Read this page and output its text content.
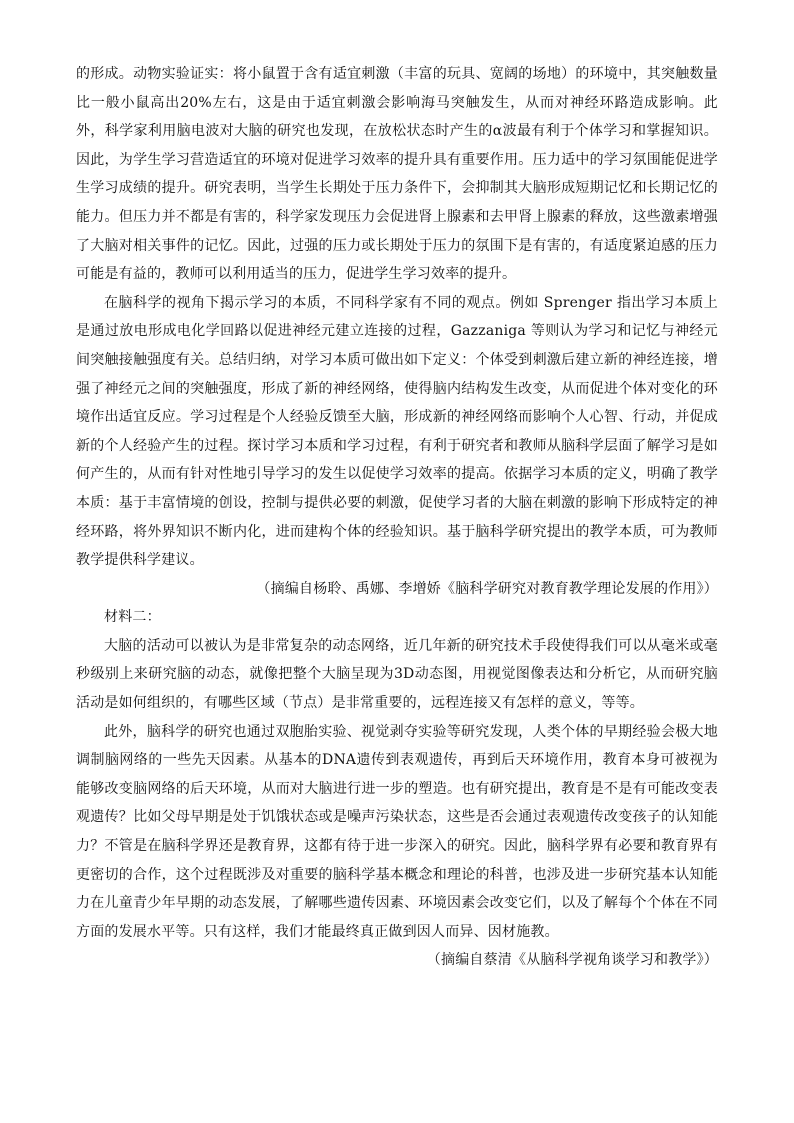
的形成。动物实验证实：将小鼠置于含有适宜刺激（丰富的玩具、宽阔的场地）的环境中，其突触数量比一般小鼠高出20%左右，这是由于适宜刺激会影响海马突触发生，从而对神经环路造成影响。此外，科学家利用脑电波对大脑的研究也发现，在放松状态时产生的α波最有利于个体学习和掌握知识。因此，为学生学习营造适宜的环境对促进学习效率的提升具有重要作用。压力适中的学习氛围能促进学生学习成绩的提升。研究表明，当学生长期处于压力条件下，会抑制其大脑形成短期记忆和长期记忆的能力。但压力并不都是有害的，科学家发现压力会促进肾上腺素和去甲肾上腺素的释放，这些激素增强了大脑对相关事件的记忆。因此，过强的压力或长期处于压力的氛围下是有害的，有适度紧迫感的压力可能是有益的，教师可以利用适当的压力，促进学生学习效率的提升。

在脑科学的视角下揭示学习的本质，不同科学家有不同的观点。例如 Sprenger 指出学习本质上是通过放电形成电化学回路以促进神经元建立连接的过程，Gazzaniga 等则认为学习和记忆与神经元间突触接触强度有关。总结归纳，对学习本质可做出如下定义：个体受到刺激后建立新的神经连接，增强了神经元之间的突触强度，形成了新的神经网络，使得脑内结构发生改变，从而促进个体对变化的环境作出适宜反应。学习过程是个人经验反馈至大脑，形成新的神经网络而影响个人心智、行动，并促成新的个人经验产生的过程。探讨学习本质和学习过程，有利于研究者和教师从脑科学层面了解学习是如何产生的，从而有针对性地引导学习的发生以促使学习效率的提高。依据学习本质的定义，明确了教学本质：基于丰富情境的创设，控制与提供必要的刺激，促使学习者的大脑在刺激的影响下形成特定的神经环路，将外界知识不断内化，进而建构个体的经验知识。基于脑科学研究提出的教学本质，可为教师教学提供科学建议。

（摘编自杨聆、禹娜、李增娇《脑科学研究对教育教学理论发展的作用》）

材料二：

大脑的活动可以被认为是非常复杂的动态网络，近几年新的研究技术手段使得我们可以从毫米或毫秒级别上来研究脑的动态，就像把整个大脑呈现为3D动态图，用视觉图像表达和分析它，从而研究脑活动是如何组织的，有哪些区域（节点）是非常重要的，远程连接又有怎样的意义，等等。

此外，脑科学的研究也通过双胞胎实验、视觉剥夺实验等研究发现，人类个体的早期经验会极大地调制脑网络的一些先天因素。从基本的DNA遗传到表观遗传，再到后天环境作用，教育本身可被视为能够改变脑网络的后天环境，从而对大脑进行进一步的塑造。也有研究提出，教育是不是有可能改变表观遗传？比如父母早期是处于饥饿状态或是噪声污染状态，这些是否会通过表观遗传改变孩子的认知能力？不管是在脑科学界还是教育界，这都有待于进一步深入的研究。因此，脑科学界有必要和教育界有更密切的合作，这个过程既涉及对重要的脑科学基本概念和理论的科普，也涉及进一步研究基本认知能力在儿童青少年早期的动态发展，了解哪些遗传因素、环境因素会改变它们，以及了解每个个体在不同方面的发展水平等。只有这样，我们才能最终真正做到因人而异、因材施教。

（摘编自蔡清《从脑科学视角谈学习和教学》）
